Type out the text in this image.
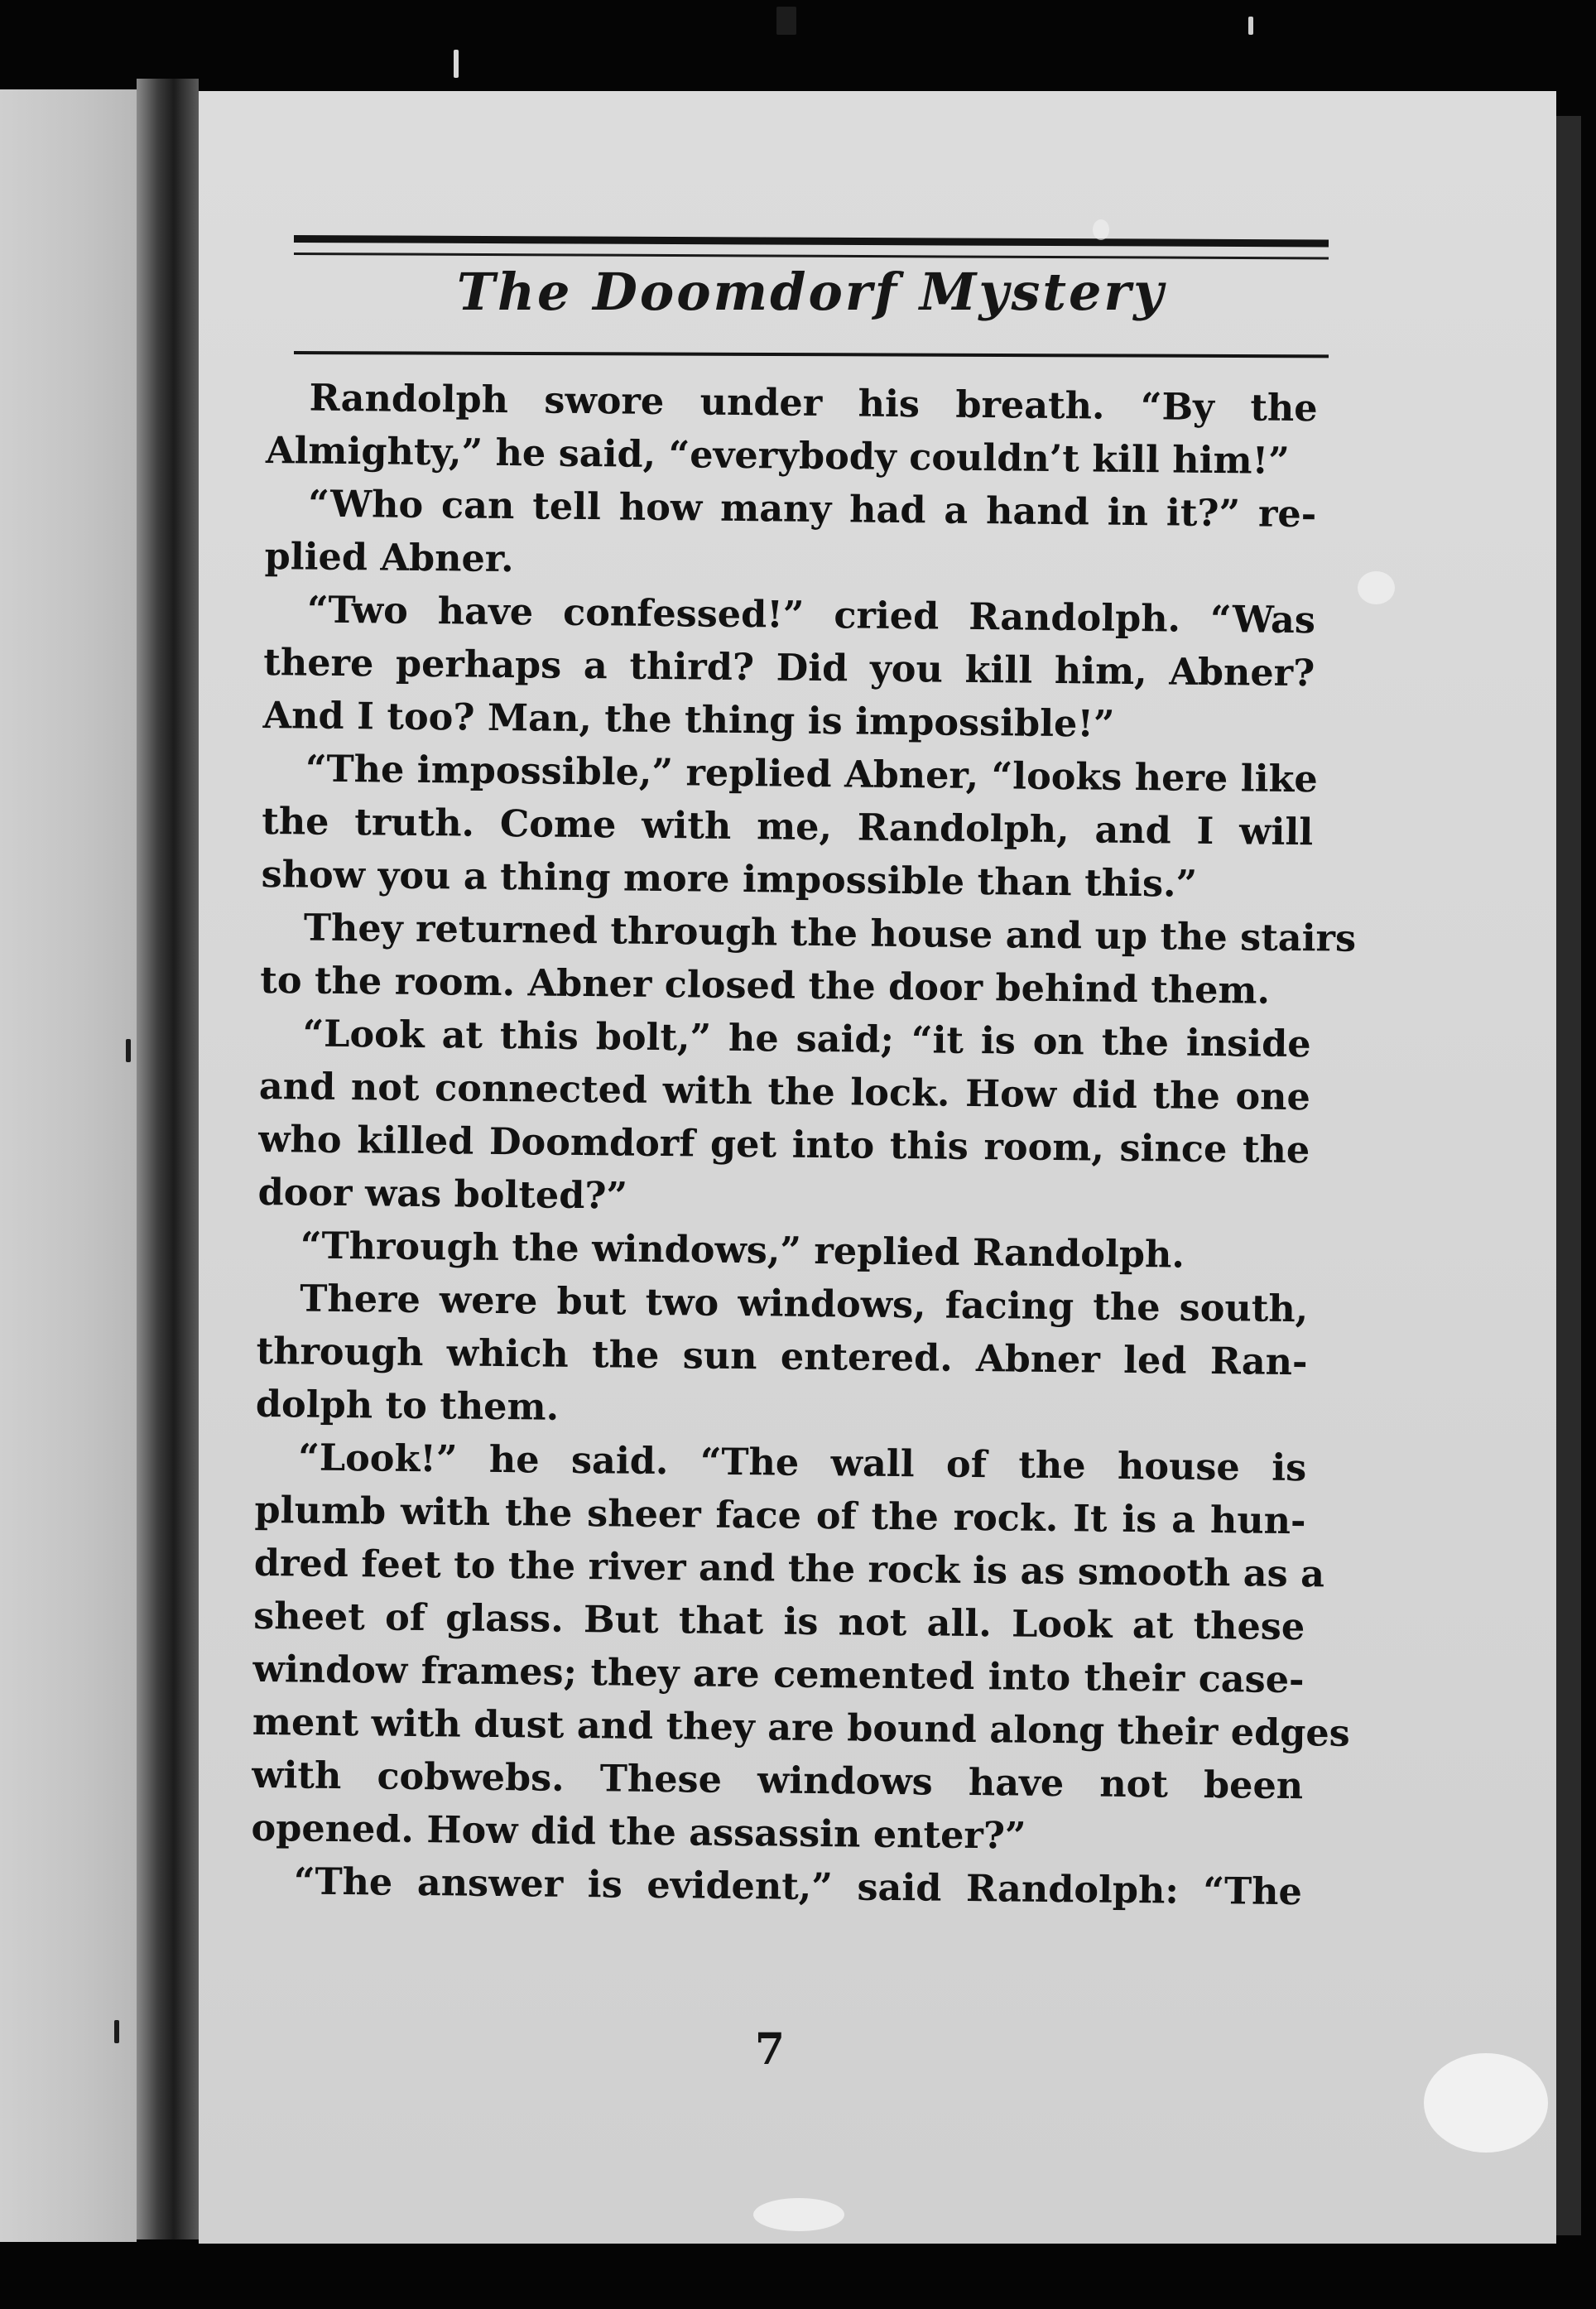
The Doomdorf Mystery
Randolph swore under his breath. “By the
Almighty,” he said, “everybody couldn’t kill him!”
“Who can tell how many had a hand in it?” re-
plied Abner.
“Two have confessed!” cried Randolph. “Was
there perhaps a third? Did you kill him, Abner?
And I too? Man, the thing is impossible!”
“The impossible,” replied Abner, “looks here like
the truth. Come with me, Randolph, and I will
show you a thing more impossible than this.”
They returned through the house and up the stairs
to the room. Abner closed the door behind them.
“Look at this bolt,” he said; “it is on the inside
and not connected with the lock. How did the one
who killed Doomdorf get into this room, since the
door was bolted?”
“Through the windows,” replied Randolph.
There were but two windows, facing the south,
through which the sun entered. Abner led Ran-
dolph to them.
“Look!” he said. “The wall of the house is
plumb with the sheer face of the rock. It is a hun-
dred feet to the river and the rock is as smooth as a
sheet of glass. But that is not all. Look at these
window frames; they are cemented into their case-
ment with dust and they are bound along their edges
with cobwebs. These windows have not been
opened. How did the assassin enter?”
“The answer is evident,” said Randolph: “The
7
